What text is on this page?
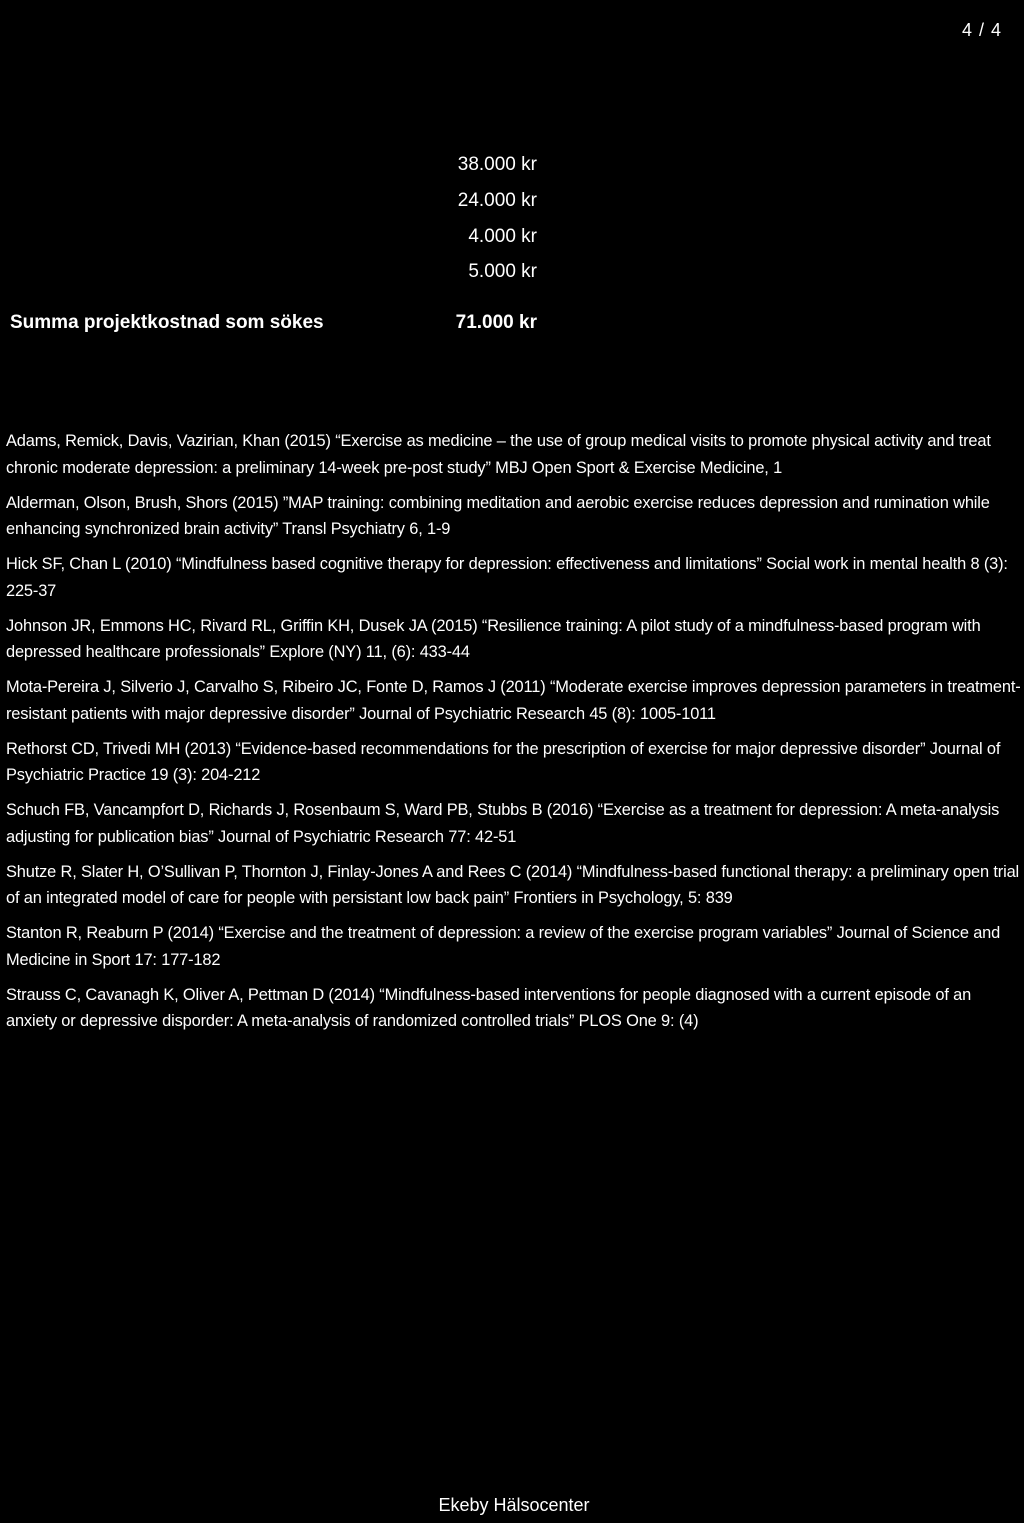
4 / 4
38.000 kr
24.000 kr
4.000 kr
5.000 kr
Summa projektkostnad som sökes	71.000 kr

Adams, Remick, Davis, Vazirian, Khan (2015) “Exercise as medicine – the use of group medical visits to promote physical activity and treat chronic moderate depression: a preliminary 14-week pre-post study” MBJ Open Sport & Exercise Medicine, 1

Alderman, Olson, Brush, Shors (2015) ”MAP training: combining meditation and aerobic exercise reduces depression and rumination while enhancing synchronized brain activity” Transl Psychiatry 6, 1-9

Hick SF, Chan L (2010) “Mindfulness based cognitive therapy for depression: effectiveness and limitations” Social work in mental health 8 (3): 225-37

Johnson JR, Emmons HC, Rivard RL, Griffin KH, Dusek JA (2015) “Resilience training: A pilot study of a mindfulness-based program with depressed healthcare professionals” Explore (NY) 11, (6): 433-44

Mota-Pereira J, Silverio J, Carvalho S, Ribeiro JC, Fonte D, Ramos J (2011) “Moderate exercise improves depression parameters in treatment-resistant patients with major depressive disorder” Journal of Psychiatric Research 45 (8): 1005-1011

Rethorst CD, Trivedi MH (2013) “Evidence-based recommendations for the prescription of exercise for major depressive disorder” Journal of Psychiatric Practice 19 (3): 204-212

Schuch FB, Vancampfort D, Richards J, Rosenbaum S, Ward PB, Stubbs B (2016) “Exercise as a treatment for depression: A meta-analysis adjusting for publication bias” Journal of Psychiatric Research 77: 42-51

Shutze R, Slater H, O’Sullivan P, Thornton J, Finlay-Jones A and Rees C (2014) “Mindfulness-based functional therapy: a preliminary open trial of an integrated model of care for people with persistant low back pain” Frontiers in Psychology, 5: 839

Stanton R, Reaburn P (2014) “Exercise and the treatment of depression: a review of the exercise program variables” Journal of Science and Medicine in Sport 17: 177-182

Strauss C, Cavanagh K, Oliver A, Pettman D (2014) “Mindfulness-based interventions for people diagnosed with a current episode of an anxiety or depressive disporder: A meta-analysis of randomized controlled trials” PLOS One 9: (4)

Ekeby Hälsocenter
